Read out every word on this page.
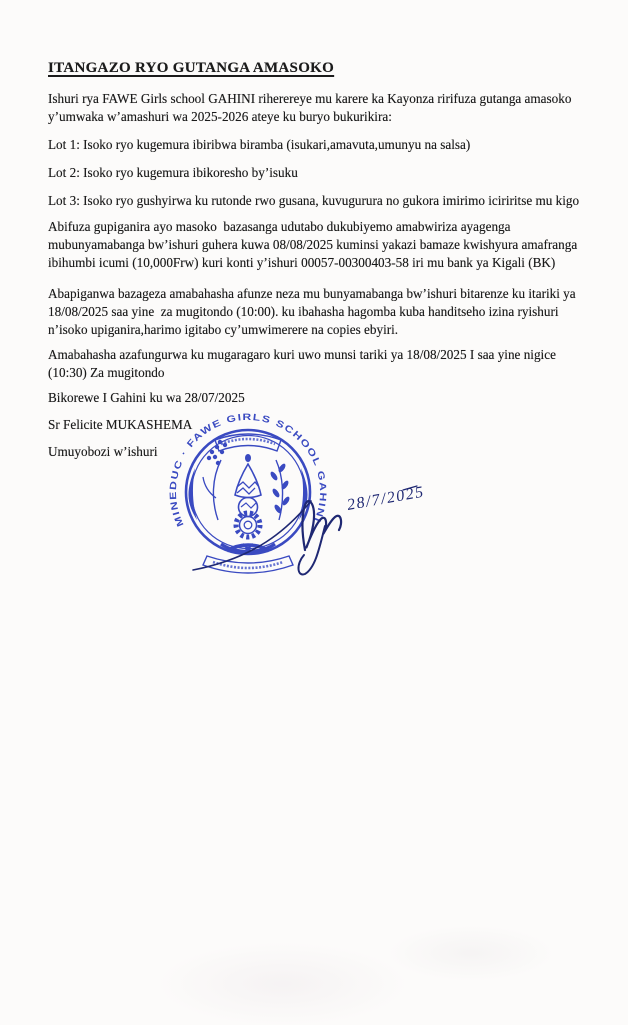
ITANGAZO RYO GUTANGA AMASOKO
Ishuri rya FAWE Girls school GAHINI riherereye mu karere ka Kayonza ririfuza gutanga amasoko
y’umwaka w’amashuri wa 2025-2026 ateye ku buryo bukurikira:
Lot 1: Isoko ryo kugemura ibiribwa biramba (isukari,amavuta,umunyu na salsa)
Lot 2: Isoko ryo kugemura ibikoresho by’isuku
Lot 3: Isoko ryo gushyirwa ku rutonde rwo gusana, kuvugurura no gukora imirimo iciriritse mu kigo
Abifuza gupiganira ayo masoko  bazasanga udutabo dukubiyemo amabwiriza ayagenga
mubunyamabanga bw’ishuri guhera kuwa 08/08/2025 kuminsi yakazi bamaze kwishyura amafranga
ibihumbi icumi (10,000Frw) kuri konti y’ishuri 00057-00300403-58 iri mu bank ya Kigali (BK)
Abapiganwa bazageza amabahasha afunze neza mu bunyamabanga bw’ishuri bitarenze ku itariki ya
18/08/2025 saa yine  za mugitondo (10:00). ku ibahasha hagomba kuba handitseho izina ryishuri
n’isoko upiganira,harimo igitabo cy’umwimerere na copies ebyiri.
Amabahasha azafungurwa ku mugaragaro kuri uwo munsi tariki ya 18/08/2025 I saa yine nigice
(10:30) Za mugitondo
Bikorewe I Gahini ku wa 28/07/2025
Sr Felicite MUKASHEMA
Umuyobozi w’ishuri
MINEDUC · FAWE GIRLS SCHOOL GAHINI
28/7/2025
